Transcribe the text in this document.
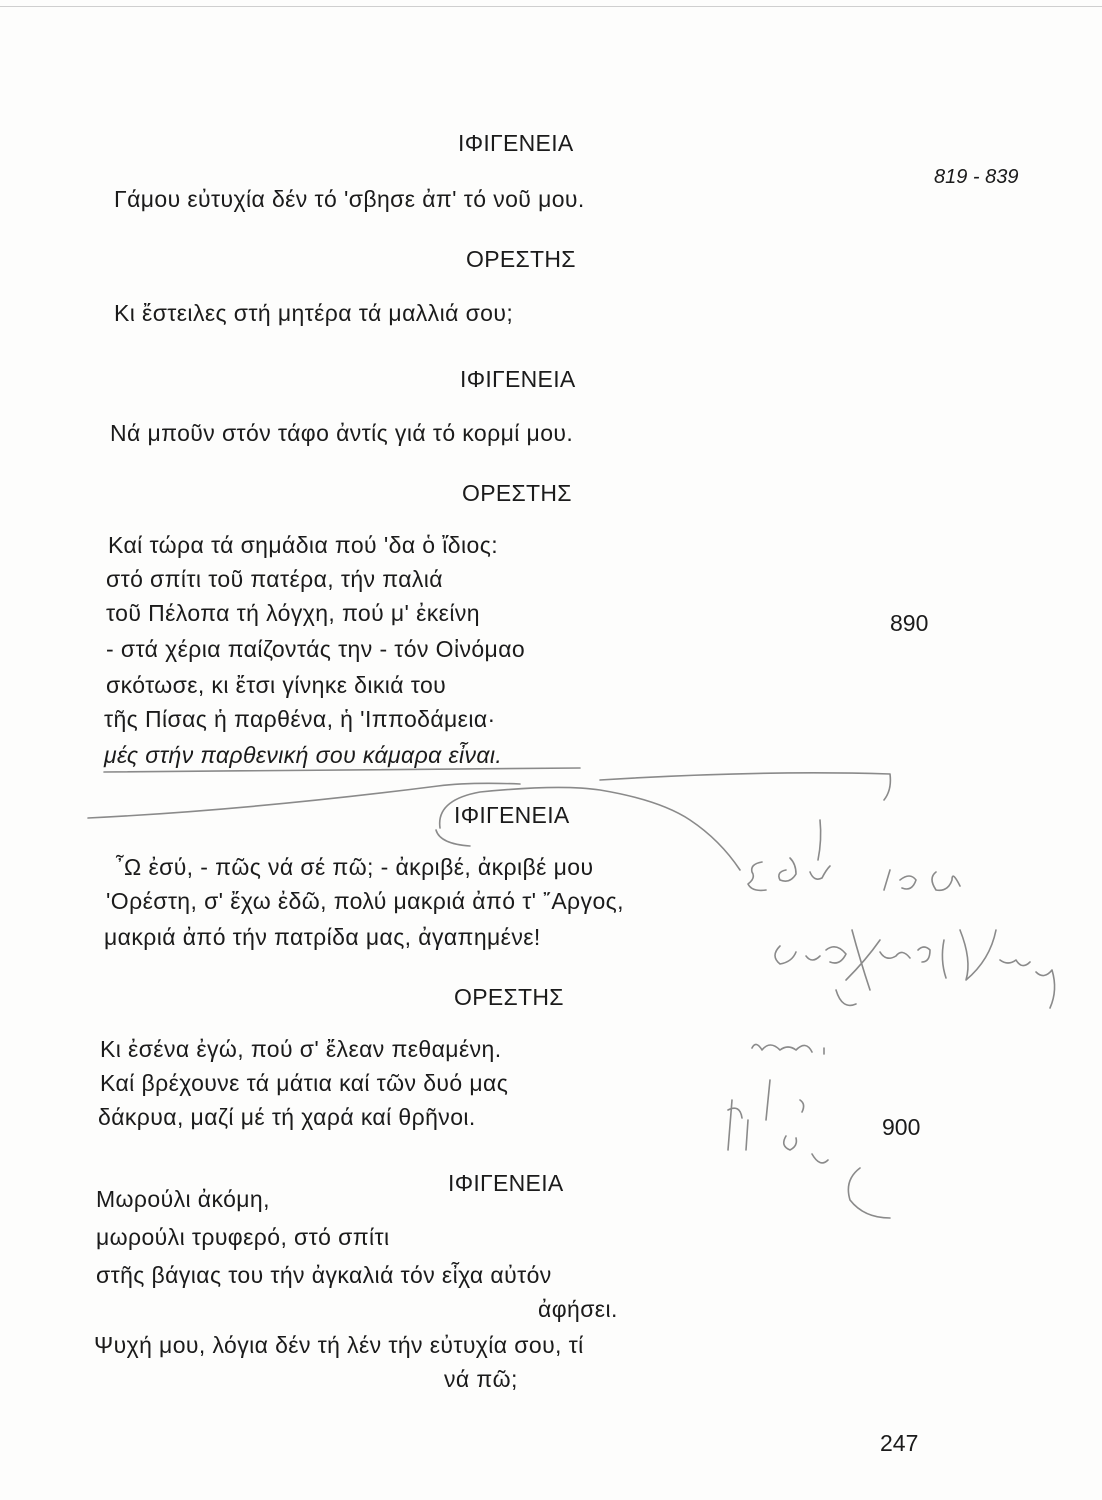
819 - 839
ΙΦΙΓΕΝΕΙΑ
Γάμου εὐτυχία δέν τό 'σβησε ἀπ' τό νοῦ μου.
ΟΡΕΣΤΗΣ
Κι ἔστειλες στή μητέρα τά μαλλιά σου;
ΙΦΙΓΕΝΕΙΑ
Νά μποῦν στόν τάφο ἀντίς γιά τό κορμί μου.
ΟΡΕΣΤΗΣ
Καί τώρα τά σημάδια πού 'δα ὁ ἴδιος:
στό σπίτι τοῦ πατέρα, τήν παλιά
τοῦ Πέλοπα τή λόγχη, πού μ' ἐκείνη
- στά χέρια παίζοντάς την - τόν Οἰνόμαο
σκότωσε, κι ἔτσι γίνηκε δικιά του
τῆς Πίσας ἡ παρθένα, ἡ 'Ιπποδάμεια·
μές στήν παρθενική σου κάμαρα εἶναι.
890
ΙΦΙΓΕΝΕΙΑ
῏Ω ἐσύ, - πῶς νά σέ πῶ; - ἀκριβέ, ἀκριβέ μου
'Ορέστη, σ' ἔχω ἐδῶ, πολύ μακριά ἀπό τ' ῎Αργος,
μακριά ἀπό τήν πατρίδα μας, ἀγαπημένε!
ΟΡΕΣΤΗΣ
Κι ἐσένα ἐγώ, πού σ' ἔλεαν πεθαμένη.
Καί βρέχουνε τά μάτια καί τῶν δυό μας
δάκρυα, μαζί μέ τή χαρά καί θρῆνοι.	900
ΙΦΙΓΕΝΕΙΑ
Μωρούλι ἀκόμη,
μωρούλι τρυφερό, στό σπίτι
στῆς βάγιας του τήν ἀγκαλιά τόν εἶχα αὐτόν
ἀφήσει.
Ψυχή μου, λόγια δέν τή λέν τήν εὐτυχία σου, τί
νά πῶ;
247
